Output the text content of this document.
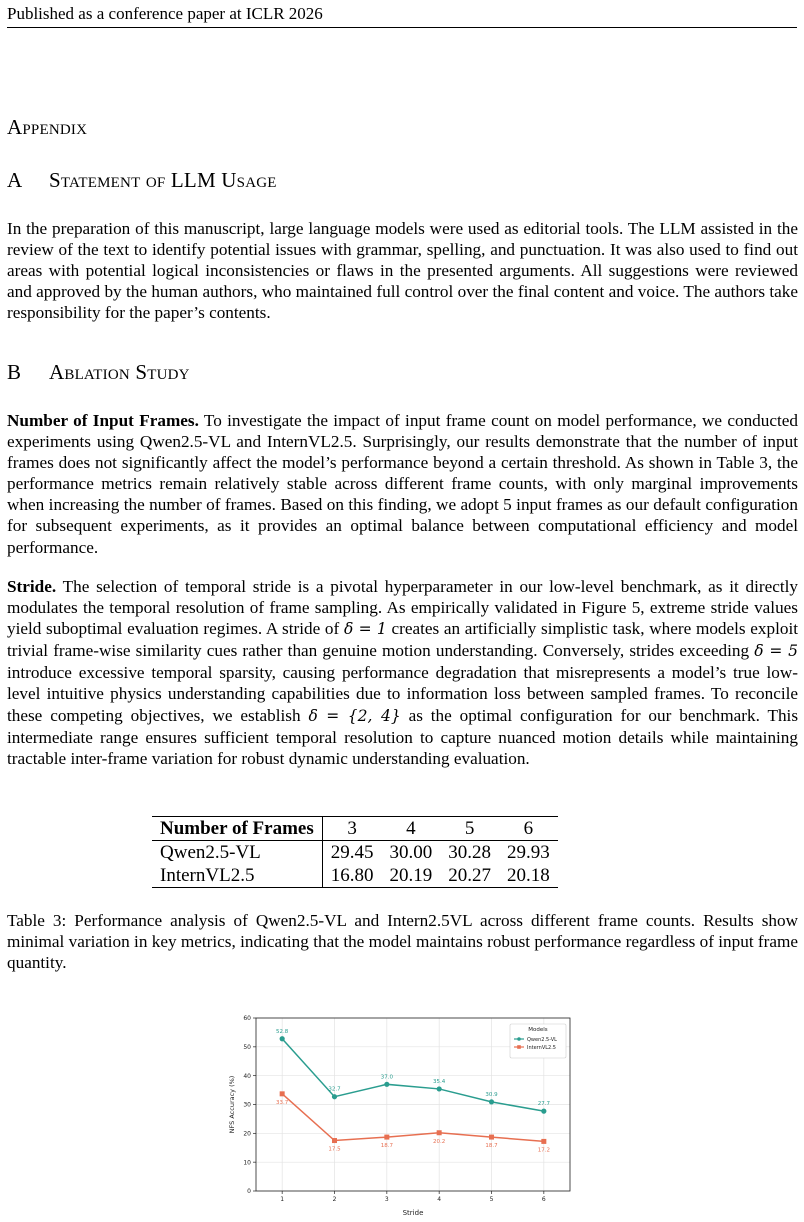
Published as a conference paper at ICLR 2026
Appendix
A Statement of LLM Usage
In the preparation of this manuscript, large language models were used as editorial tools. The LLM assisted in the review of the text to identify potential issues with grammar, spelling, and punctuation. It was also used to find out areas with potential logical inconsistencies or flaws in the presented arguments. All suggestions were reviewed and approved by the human authors, who maintained full control over the final content and voice. The authors take responsibility for the paper’s contents.
B Ablation Study
Number of Input Frames. To investigate the impact of input frame count on model performance, we conducted experiments using Qwen2.5-VL and InternVL2.5. Surprisingly, our results demonstrate that the number of input frames does not significantly affect the model’s performance beyond a certain threshold. As shown in Table 3, the performance metrics remain relatively stable across different frame counts, with only marginal improvements when increasing the number of frames. Based on this finding, we adopt 5 input frames as our default configuration for subsequent experiments, as it provides an optimal balance between computational efficiency and model performance.
Stride. The selection of temporal stride is a pivotal hyperparameter in our low-level benchmark, as it directly modulates the temporal resolution of frame sampling. As empirically validated in Figure 5, extreme stride values yield suboptimal evaluation regimes. A stride of δ = 1 creates an artificially simplistic task, where models exploit trivial frame-wise similarity cues rather than genuine motion understanding. Conversely, strides exceeding δ = 5 introduce excessive temporal sparsity, causing performance degradation that misrepresents a model’s true low-level intuitive physics understanding capabilities due to information loss between sampled frames. To reconcile these competing objectives, we establish δ = {2, 4} as the optimal configuration for our benchmark. This intermediate range ensures sufficient temporal resolution to capture nuanced motion details while maintaining tractable inter-frame variation for robust dynamic understanding evaluation.
Number of Frames	3	4	5	6
Qwen2.5-VL	29.45	30.00	30.28	29.93
InternVL2.5	16.80	20.19	20.27	20.18
Table 3: Performance analysis of Qwen2.5-VL and Intern2.5VL across different frame counts. Results show minimal variation in key metrics, indicating that the model maintains robust performance regardless of input frame quantity.
0
10
20
30
40
50
60
1	2	3	4	5	6
Stride
NFS Accuracy (%)
52.8
32.7
37.0
35.4
30.9
27.7
33.7
17.5
18.7
20.2
18.7
17.2
Models
Qwen2.5-VL
InternVL2.5
